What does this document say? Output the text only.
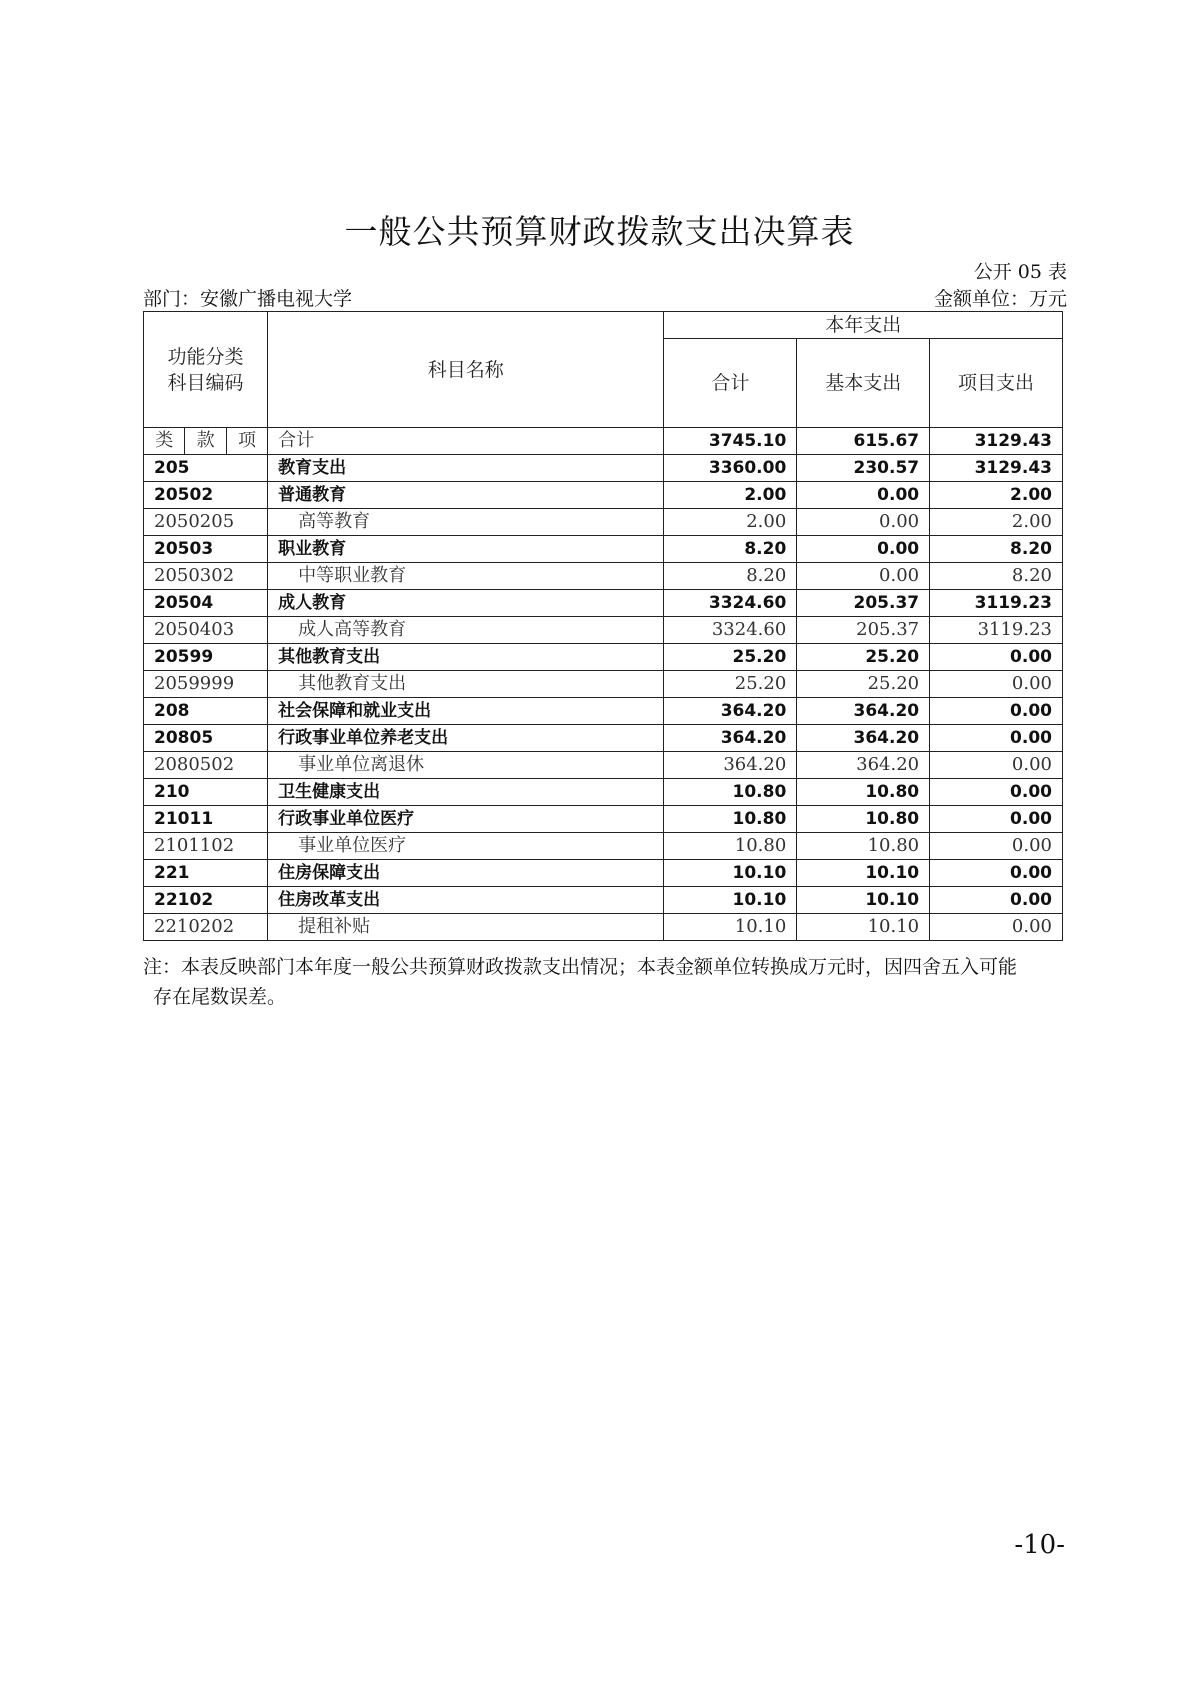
一般公共预算财政拨款支出决算表
公开 05 表
部门：安徽广播电视大学	金额单位：万元
功能分类
科目编码			科目名称	本年支出		
				合计	基本支出	项目支出

类	款	项	合计	3745.10	615.67	3129.43
205			教育支出	3360.00	230.57	3129.43
20502			普通教育	2.00	0.00	2.00
2050205			高等教育	2.00	0.00	2.00
20503			职业教育	8.20	0.00	8.20
2050302			中等职业教育	8.20	0.00	8.20
20504			成人教育	3324.60	205.37	3119.23
2050403			成人高等教育	3324.60	205.37	3119.23
20599			其他教育支出	25.20	25.20	0.00
2059999			其他教育支出	25.20	25.20	0.00
208			社会保障和就业支出	364.20	364.20	0.00
20805			行政事业单位养老支出	364.20	364.20	0.00
2080502			事业单位离退休	364.20	364.20	0.00
210			卫生健康支出	10.80	10.80	0.00
21011			行政事业单位医疗	10.80	10.80	0.00
2101102			事业单位医疗	10.80	10.80	0.00
221			住房保障支出	10.10	10.10	0.00
22102			住房改革支出	10.10	10.10	0.00
2210202			提租补贴	10.10	10.10	0.00
注：本表反映部门本年度一般公共预算财政拨款支出情况；本表金额单位转换成万元时，因四舍五入可能
存在尾数误差。
-10-
